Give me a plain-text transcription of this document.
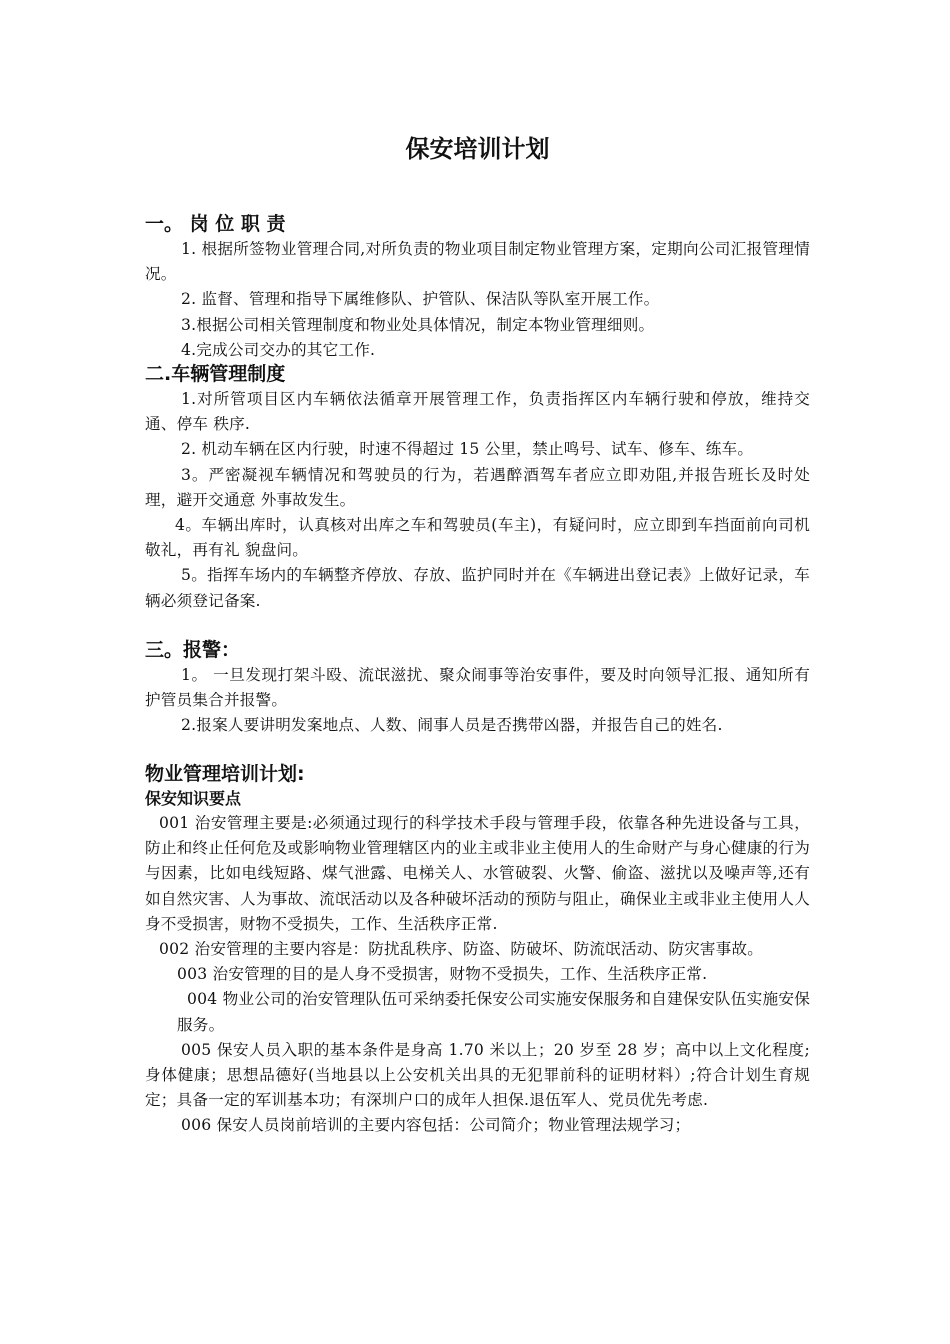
保安培训计划

一。 岗 位 职 责

1. 根据所签物业管理合同,对所负责的物业项目制定物业管理方案，定期向公司汇报管理情况。

2. 监督、管理和指导下属维修队、护管队、保洁队等队室开展工作。

3.根据公司相关管理制度和物业处具体情况，制定本物业管理细则。

4.完成公司交办的其它工作.

二.车辆管理制度

1.对所管项目区内车辆依法循章开展管理工作，负责指挥区内车辆行驶和停放，维持交通、停车 秩序.

2. 机动车辆在区内行驶，时速不得超过 15 公里，禁止鸣号、试车、修车、练车。

3。严密凝视车辆情况和驾驶员的行为，若遇醉酒驾车者应立即劝阻,并报告班长及时处理，避开交通意 外事故发生。

4。车辆出库时，认真核对出库之车和驾驶员(车主)，有疑问时，应立即到车挡面前向司机敬礼，再有礼 貌盘问。

5。指挥车场内的车辆整齐停放、存放、监护同时并在《车辆进出登记表》上做好记录，车辆必须登记备案.

三。报警：

1。 一旦发现打架斗殴、流氓滋扰、聚众闹事等治安事件，要及时向领导汇报、通知所有护管员集合并报警。

2.报案人要讲明发案地点、人数、闹事人员是否携带凶器，并报告自己的姓名.

物业管理培训计划:

保安知识要点

001 治安管理主要是:必须通过现行的科学技术手段与管理手段，依靠各种先进设备与工具，防止和终止任何危及或影响物业管理辖区内的业主或非业主使用人的生命财产与身心健康的行为与因素，比如电线短路、煤气泄露、电梯关人、水管破裂、火警、偷盗、滋扰以及噪声等,还有如自然灾害、人为事故、流氓活动以及各种破坏活动的预防与阻止，确保业主或非业主使用人人身不受损害，财物不受损失，工作、生活秩序正常.

002 治安管理的主要内容是：防扰乱秩序、防盗、防破坏、防流氓活动、防灾害事故。

003 治安管理的目的是人身不受损害，财物不受损失，工作、生活秩序正常.

004 物业公司的治安管理队伍可采纳委托保安公司实施安保服务和自建保安队伍实施安保服务。

005 保安人员入职的基本条件是身高 1.70 米以上；20 岁至 28 岁；高中以上文化程度;身体健康；思想品德好(当地县以上公安机关出具的无犯罪前科的证明材料）;符合计划生育规定；具备一定的军训基本功；有深圳户口的成年人担保.退伍军人、党员优先考虑.

006 保安人员岗前培训的主要内容包括：公司简介；物业管理法规学习；
